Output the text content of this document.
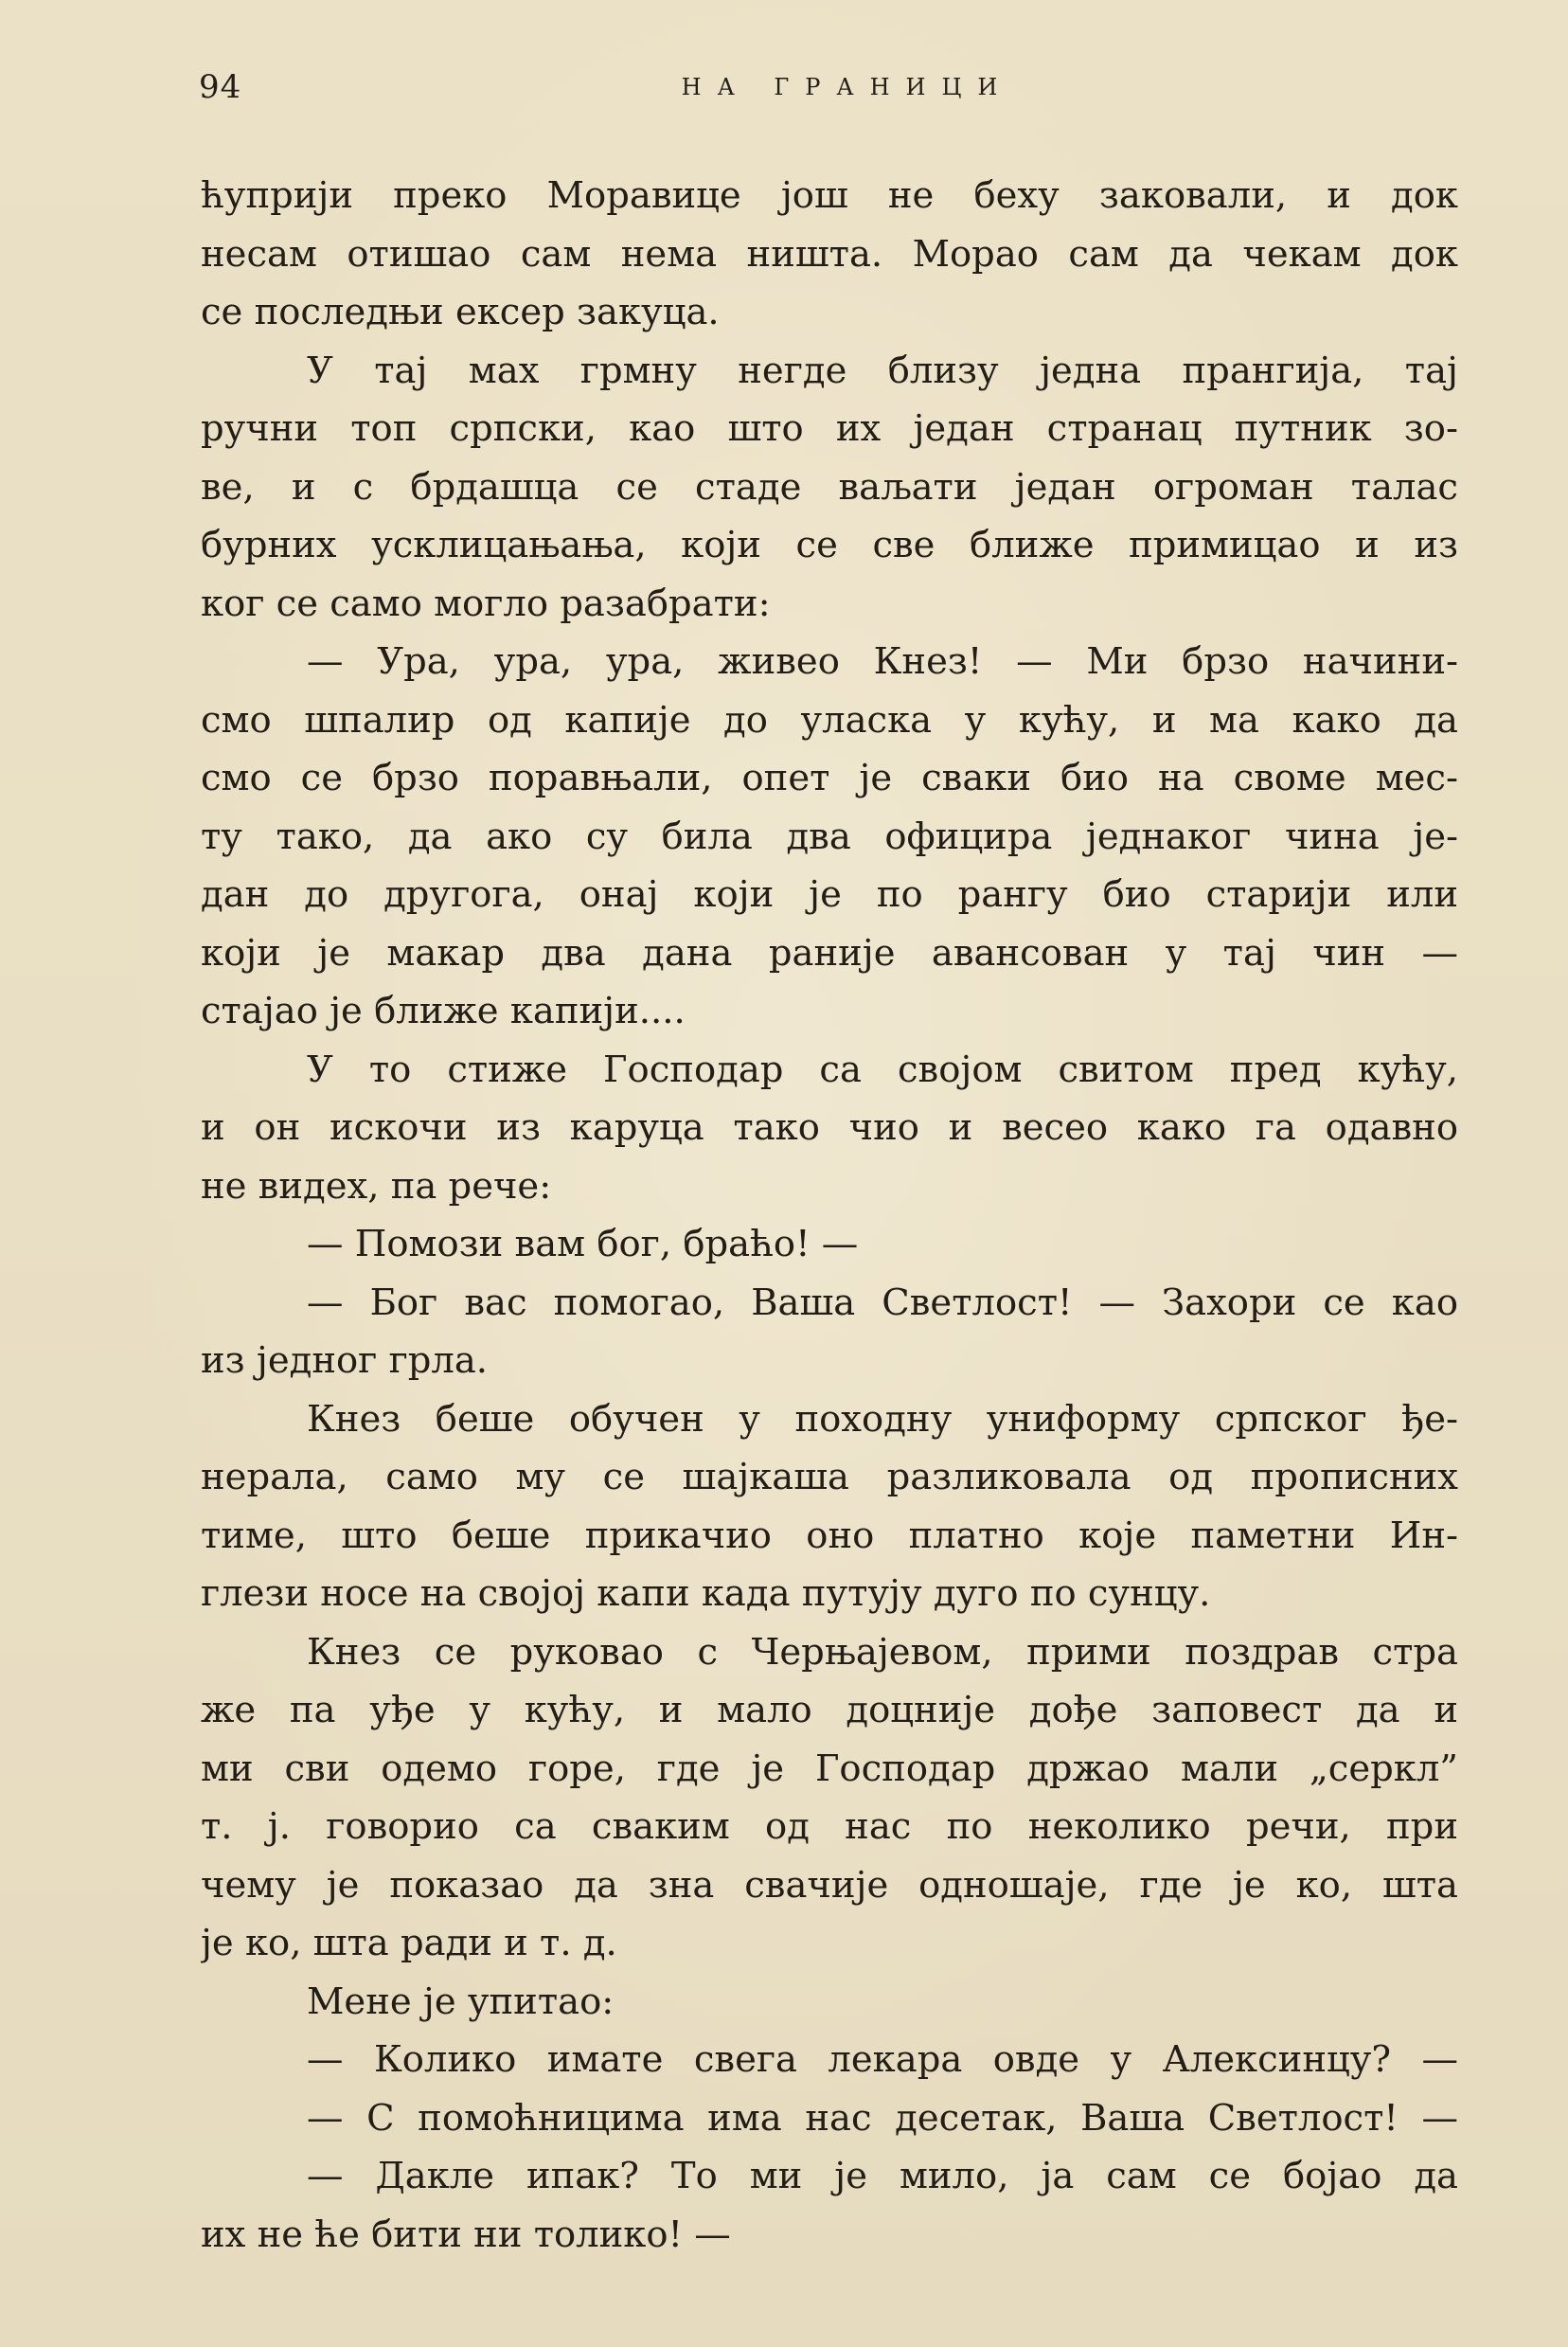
94	НА ГРАНИЦИ
ћуприји преко Моравице још не беху заковали, и док
несам отишао сам нема ништа. Морао сам да чекам док
се последњи ексер закуца.
У тај мах грмну негде близу једна прангија, тај
ручни топ српски, као што их један странац путник зо-
ве, и с брдашца се стаде ваљати један огроман талас
бурних усклицањања, који се све ближе примицао и из
ког се само могло разабрати:
— Ура, ура, ура, живео Кнез! — Ми брзо начини-
смо шпалир од капије до уласка у кућу, и ма како да
смо се брзо поравњали, опет је сваки био на своме мес-
ту тако, да ако су била два официра једнаког чина је-
дан до другога, онај који је по рангу био старији или
који је макар два дана раније авансован у тај чин —
стајао је ближе капији....
У то стиже Господар са својом свитом пред кућу,
и он искочи из каруца тако чио и весео како га одавно
не видех, па рече:
— Помози вам бог, браћо! —
— Бог вас помогао, Ваша Светлост! — Захори се као
из једног грла.
Кнез беше обучен у походну униформу српског ђе-
нерала, само му се шајкаша разликовала од прописних
тиме, што беше прикачио оно платно које паметни Ин-
глези носе на својој капи када путују дуго по сунцу.
Кнез се руковао с Черњајевом, прими поздрав стра
же па уђе у кућу, и мало доцније дође заповест да и
ми сви одемо горе, где је Господар држао мали „серкл”
т. ј. говорио са сваким од нас по неколико речи, при
чему је показао да зна свачије одношаје, где је ко, шта
је ко, шта ради и т. д.
Мене је упитао:
— Колико имате свега лекара овде у Алексинцу? —
— С помоћницима има нас десетак, Ваша Светлост! —
— Дакле ипак? То ми је мило, ја сам се бојао да
их не ће бити ни толико! —
